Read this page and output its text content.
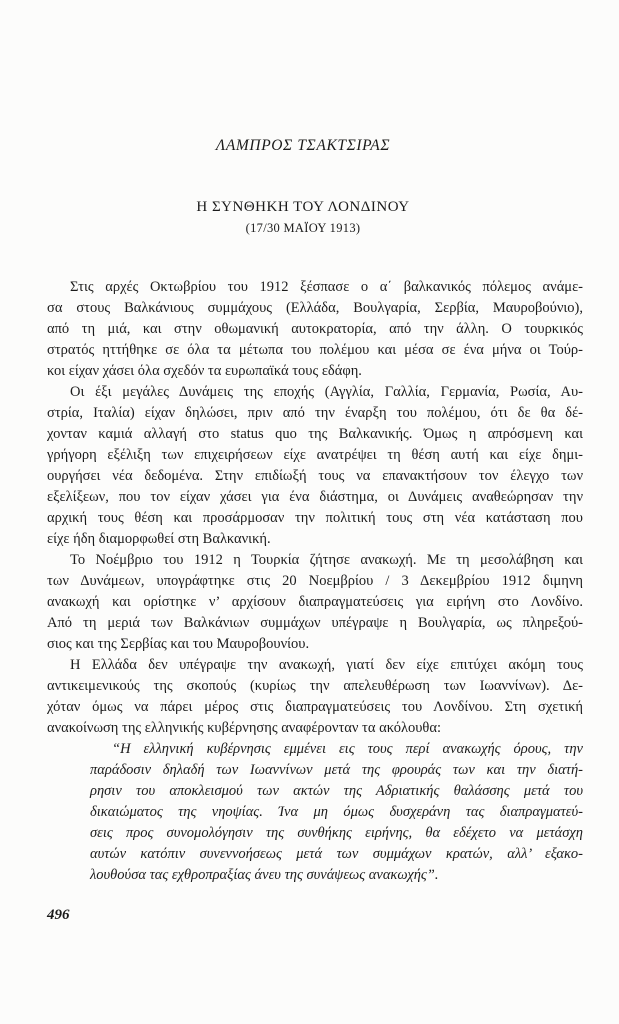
ΛΑΜΠΡΟΣ ΤΣΑΚΤΣΙΡΑΣ
Η ΣΥΝΘΗΚΗ ΤΟΥ ΛΟΝΔΙΝΟΥ
(17/30 ΜΑΪΟΥ 1913)
Στις αρχές Οκτωβρίου του 1912 ξέσπασε ο α΄ βαλκανικός πόλεμος ανάμε-
σα στους Βαλκάνιους συμμάχους (Ελλάδα, Βουλγαρία, Σερβία, Μαυροβούνιο),
από τη μιά, και στην οθωμανική αυτοκρατορία, από την άλλη. Ο τουρκικός
στρατός ηττήθηκε σε όλα τα μέτωπα του πολέμου και μέσα σε ένα μήνα οι Τούρ-
κοι είχαν χάσει όλα σχεδόν τα ευρωπαϊκά τους εδάφη.
Οι έξι μεγάλες Δυνάμεις της εποχής (Αγγλία, Γαλλία, Γερμανία, Ρωσία, Αυ-
στρία, Ιταλία) είχαν δηλώσει, πριν από την έναρξη του πολέμου, ότι δε θα δέ-
χονταν καμιά αλλαγή στο status quo της Βαλκανικής. Όμως η απρόσμενη και
γρήγορη εξέλιξη των επιχειρήσεων είχε ανατρέψει τη θέση αυτή και είχε δημι-
ουργήσει νέα δεδομένα. Στην επιδίωξή τους να επανακτήσουν τον έλεγχο των
εξελίξεων, που τον είχαν χάσει για ένα διάστημα, οι Δυνάμεις αναθεώρησαν την
αρχική τους θέση και προσάρμοσαν την πολιτική τους στη νέα κατάσταση που
είχε ήδη διαμορφωθεί στη Βαλκανική.
Το Νοέμβριο του 1912 η Τουρκία ζήτησε ανακωχή. Με τη μεσολάβηση και
των Δυνάμεων, υπογράφτηκε στις 20 Νοεμβρίου / 3 Δεκεμβρίου 1912 διμηνη
ανακωχή και ορίστηκε ν’ αρχίσουν διαπραγματεύσεις για ειρήνη στο Λονδίνο.
Από τη μεριά των Βαλκάνιων συμμάχων υπέγραψε η Βουλγαρία, ως πληρεξού-
σιος και της Σερβίας και του Μαυροβουνίου.
Η Ελλάδα δεν υπέγραψε την ανακωχή, γιατί δεν είχε επιτύχει ακόμη τους
αντικειμενικούς της σκοπούς (κυρίως την απελευθέρωση των Ιωαννίνων). Δε-
χόταν όμως να πάρει μέρος στις διαπραγματεύσεις του Λονδίνου. Στη σχετική
ανακοίνωση της ελληνικής κυβέρνησης αναφέρονταν τα ακόλουθα:
“Η ελληνική κυβέρνησις εμμένει εις τους περί ανακωχής όρους, την
παράδοσιν δηλαδή των Ιωαννίνων μετά της φρουράς των και την διατή-
ρησιν του αποκλεισμού των ακτών της Αδριατικής θαλάσσης μετά του
δικαιώματος της νηοψίας. Ίνα μη όμως δυσχεράνη τας διαπραγματεύ-
σεις προς συνομολόγησιν της συνθήκης ειρήνης, θα εδέχετο να μετάσχη
αυτών κατόπιν συνεννοήσεως μετά των συμμάχων κρατών, αλλ’ εξακο-
λουθούσα τας εχθροπραξίας άνευ της συνάψεως ανακωχής”.
496
